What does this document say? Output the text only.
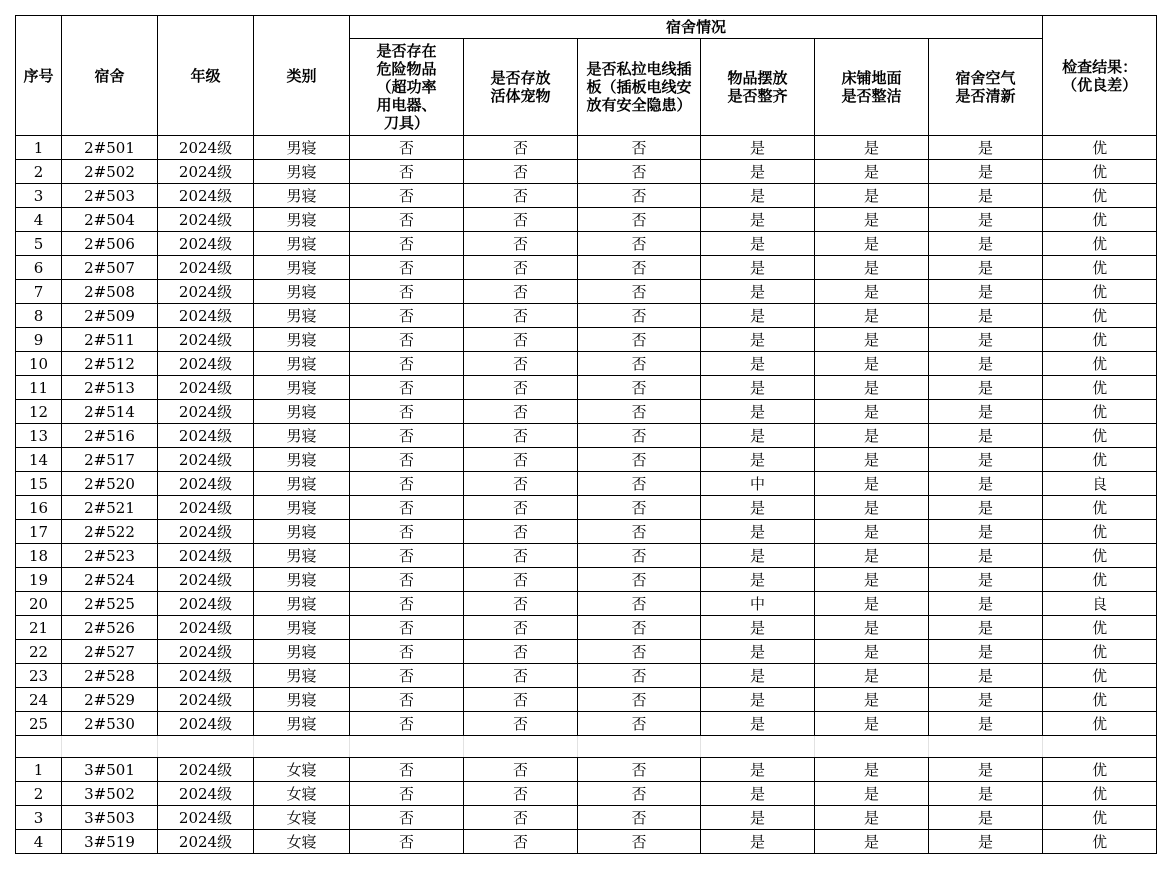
序号	宿舍	年级	类别	宿舍情况						检查结果：（优良差）
				是否存在危险物品（超功率用电器、刀具）	是否存放活体宠物	是否私拉电线插板（插板电线安放有安全隐患）	物品摆放是否整齐	床铺地面是否整洁	宿舍空气是否清新	
1	2#501	2024级	男寝	否	否	否	是	是	是	优
2	2#502	2024级	男寝	否	否	否	是	是	是	优
3	2#503	2024级	男寝	否	否	否	是	是	是	优
4	2#504	2024级	男寝	否	否	否	是	是	是	优
5	2#506	2024级	男寝	否	否	否	是	是	是	优
6	2#507	2024级	男寝	否	否	否	是	是	是	优
7	2#508	2024级	男寝	否	否	否	是	是	是	优
8	2#509	2024级	男寝	否	否	否	是	是	是	优
9	2#511	2024级	男寝	否	否	否	是	是	是	优
10	2#512	2024级	男寝	否	否	否	是	是	是	优
11	2#513	2024级	男寝	否	否	否	是	是	是	优
12	2#514	2024级	男寝	否	否	否	是	是	是	优
13	2#516	2024级	男寝	否	否	否	是	是	是	优
14	2#517	2024级	男寝	否	否	否	是	是	是	优
15	2#520	2024级	男寝	否	否	否	中	是	是	良
16	2#521	2024级	男寝	否	否	否	是	是	是	优
17	2#522	2024级	男寝	否	否	否	是	是	是	优
18	2#523	2024级	男寝	否	否	否	是	是	是	优
19	2#524	2024级	男寝	否	否	否	是	是	是	优
20	2#525	2024级	男寝	否	否	否	中	是	是	良
21	2#526	2024级	男寝	否	否	否	是	是	是	优
22	2#527	2024级	男寝	否	否	否	是	是	是	优
23	2#528	2024级	男寝	否	否	否	是	是	是	优
24	2#529	2024级	男寝	否	否	否	是	是	是	优
25	2#530	2024级	男寝	否	否	否	是	是	是	优

1	3#501	2024级	女寝	否	否	否	是	是	是	优
2	3#502	2024级	女寝	否	否	否	是	是	是	优
3	3#503	2024级	女寝	否	否	否	是	是	是	优
4	3#519	2024级	女寝	否	否	否	是	是	是	优
